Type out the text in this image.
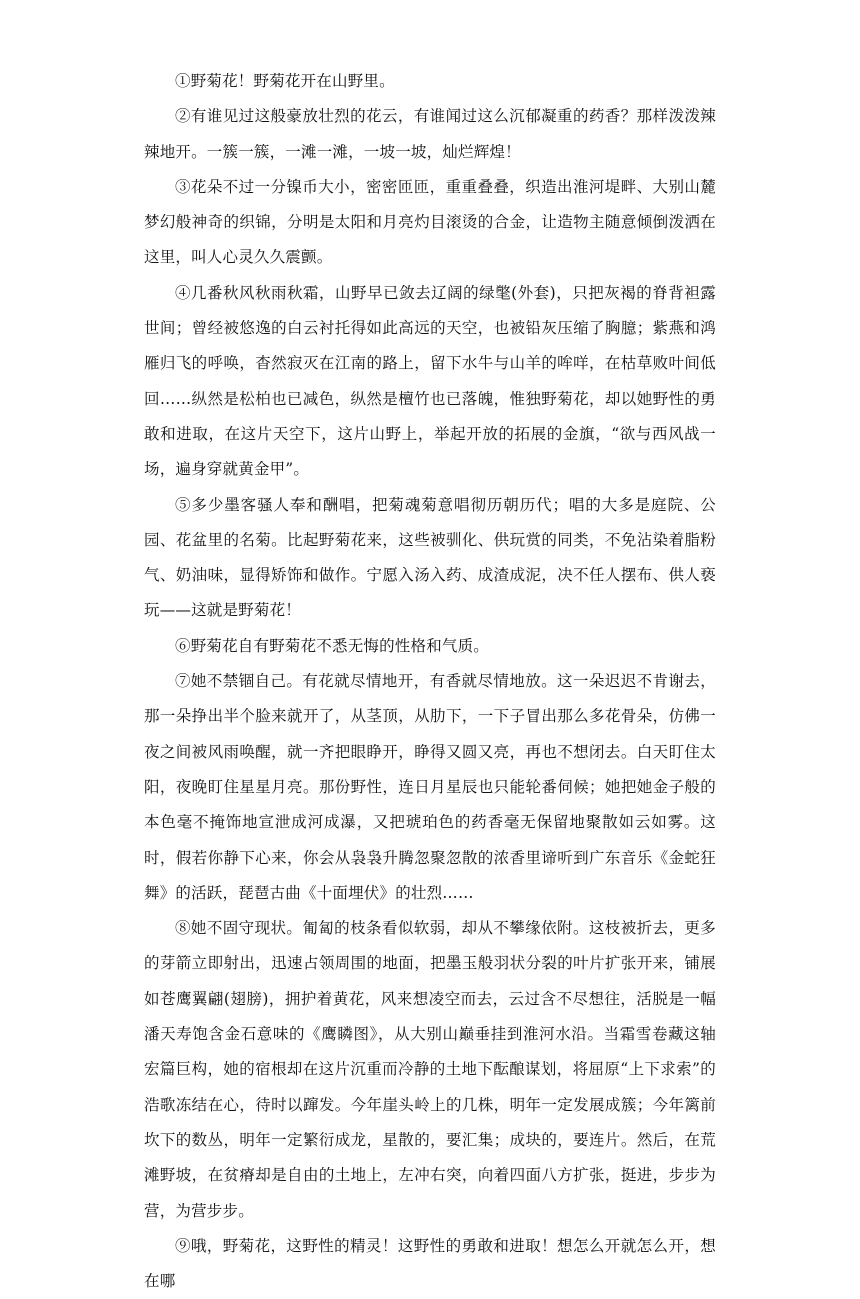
①野菊花！野菊花开在山野里。

②有谁见过这般豪放壮烈的花云，有谁闻过这么沉郁凝重的药香？那样泼泼辣辣地开。一簇一簇，一滩一滩，一坡一坡，灿烂辉煌！

③花朵不过一分镍币大小，密密匝匝，重重叠叠，织造出淮河堤畔、大别山麓梦幻般神奇的织锦，分明是太阳和月亮灼目滚烫的合金，让造物主随意倾倒泼洒在这里，叫人心灵久久震颤。

④几番秋风秋雨秋霜，山野早已敛去辽阔的绿氅(外套)，只把灰褐的脊背袒露世间；曾经被悠逸的白云衬托得如此高远的天空，也被铅灰压缩了胸臆；紫燕和鸿雁归飞的呼唤，杳然寂灭在江南的路上，留下水牛与山羊的哞咩，在枯草败叶间低回……纵然是松柏也已减色，纵然是檀竹也已落魄，惟独野菊花，却以她野性的勇敢和进取，在这片天空下，这片山野上，举起开放的拓展的金旗，“欲与西风战一场，遍身穿就黄金甲”。

⑤多少墨客骚人奉和酬唱，把菊魂菊意唱彻历朝历代；唱的大多是庭院、公园、花盆里的名菊。比起野菊花来，这些被驯化、供玩赏的同类，不免沾染着脂粉气、奶油味，显得矫饰和做作。宁愿入汤入药、成渣成泥，决不任人摆布、供人亵玩——这就是野菊花！

⑥野菊花自有野菊花不悉无悔的性格和气质。

⑦她不禁锢自己。有花就尽情地开，有香就尽情地放。这一朵迟迟不肯谢去，那一朵挣出半个脸来就开了，从茎顶，从肋下，一下子冒出那么多花骨朵，仿佛一夜之间被风雨唤醒，就一齐把眼睁开，睁得又圆又亮，再也不想闭去。白天盯住太阳，夜晚盯住星星月亮。那份野性，连日月星辰也只能轮番伺候；她把她金子般的本色毫不掩饰地宣泄成河成瀑，又把琥珀色的药香毫无保留地聚散如云如雾。这时，假若你静下心来，你会从袅袅升腾忽聚忽散的浓香里谛听到广东音乐《金蛇狂舞》的活跃，琵琶古曲《十面埋伏》的壮烈……

⑧她不固守现状。匍匐的枝条看似软弱，却从不攀缘依附。这枝被折去，更多的芽箭立即射出，迅速占领周围的地面，把墨玉般羽状分裂的叶片扩张开来，铺展如苍鹰翼翩(翅膀)，拥护着黄花，风来想凌空而去，云过含不尽想往，活脱是一幅潘天寿饱含金石意味的《鹰瞵图》，从大别山巅垂挂到淮河水沿。当霜雪卷藏这轴宏篇巨构，她的宿根却在这片沉重而冷静的土地下酝酿谋划，将屈原“上下求索”的浩歌冻结在心，待时以蹿发。今年崖头岭上的几株，明年一定发展成簇；今年篱前坎下的数丛，明年一定繁衍成龙，星散的，要汇集；成块的，要连片。然后，在荒滩野坡，在贫瘠却是自由的土地上，左冲右突，向着四面八方扩张，挺进，步步为营，为营步步。

⑨哦，野菊花，这野性的精灵！这野性的勇敢和进取！想怎么开就怎么开，想在哪
